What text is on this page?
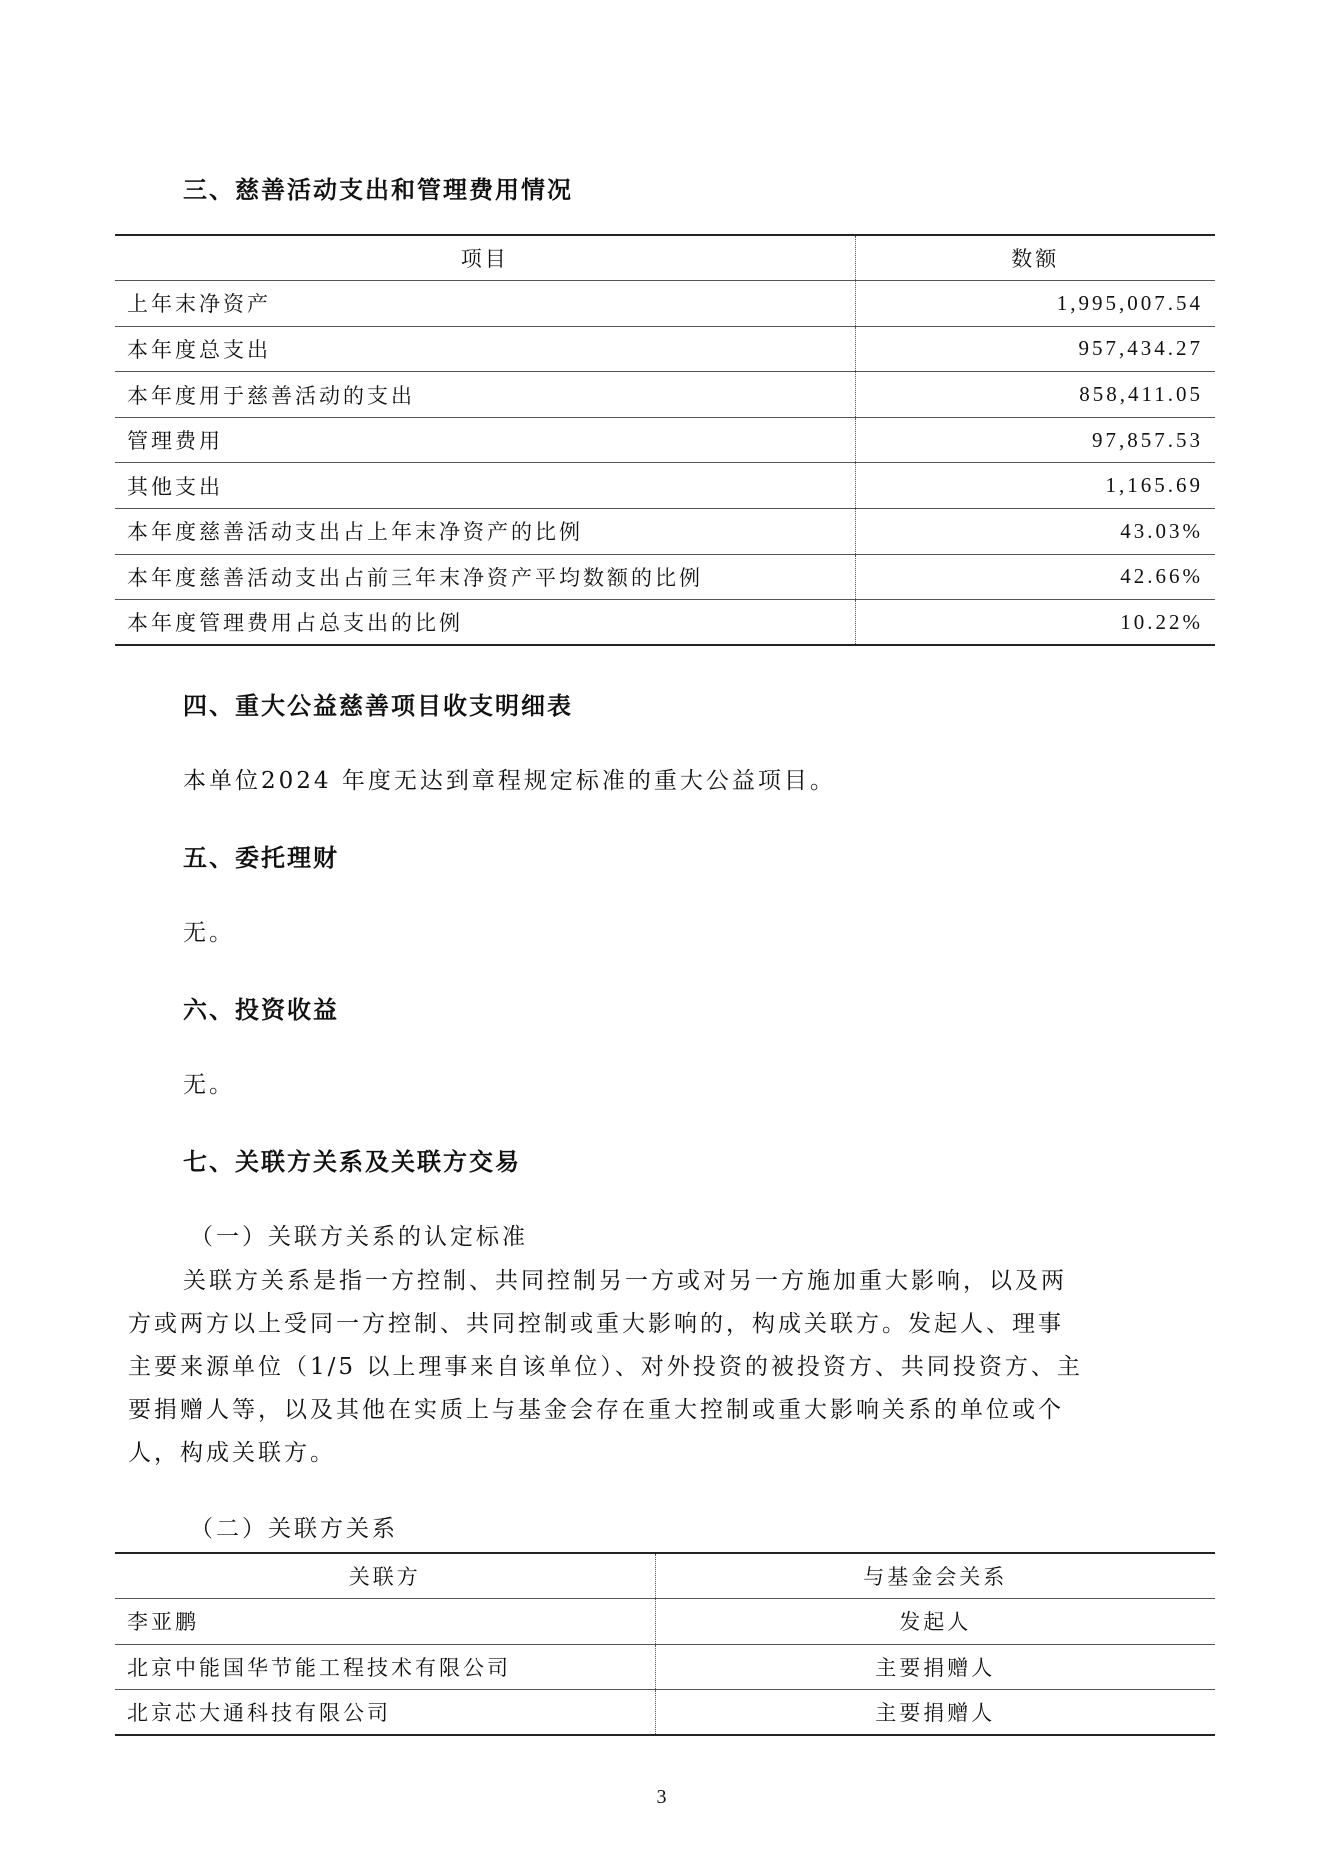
三、慈善活动支出和管理费用情况
项目	数额
上年末净资产	1,995,007.54
本年度总支出	957,434.27
本年度用于慈善活动的支出	858,411.05
管理费用	97,857.53
其他支出	1,165.69
本年度慈善活动支出占上年末净资产的比例	43.03%
本年度慈善活动支出占前三年末净资产平均数额的比例	42.66%
本年度管理费用占总支出的比例	10.22%
四、重大公益慈善项目收支明细表
本单位2024 年度无达到章程规定标准的重大公益项目。
五、委托理财
无。
六、投资收益
无。
七、关联方关系及关联方交易
（一）关联方关系的认定标准
关联方关系是指一方控制、共同控制另一方或对另一方施加重大影响，以及两
方或两方以上受同一方控制、共同控制或重大影响的，构成关联方。发起人、理事
主要来源单位（1/5 以上理事来自该单位）、对外投资的被投资方、共同投资方、主
要捐赠人等，以及其他在实质上与基金会存在重大控制或重大影响关系的单位或个
人，构成关联方。
（二）关联方关系
关联方	与基金会关系
李亚鹏	发起人
北京中能国华节能工程技术有限公司	主要捐赠人
北京芯大通科技有限公司	主要捐赠人
3
